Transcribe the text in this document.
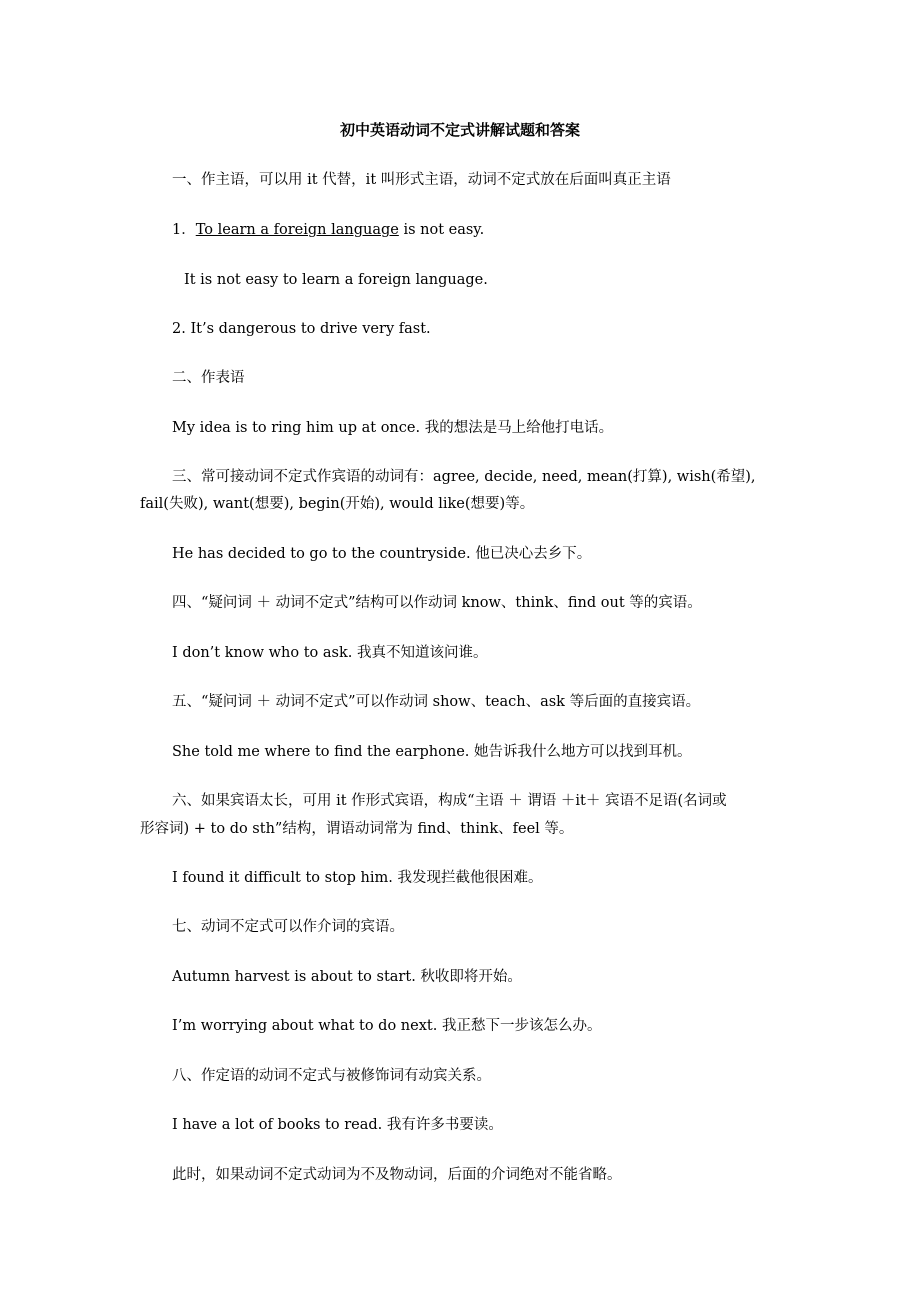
初中英语动词不定式讲解试题和答案
一、作主语，可以用 it 代替，it 叫形式主语，动词不定式放在后面叫真正主语
1．To learn a foreign language is not easy.
It is not easy to learn a foreign language.
2. It’s dangerous to drive very fast.
二、作表语
My idea is to ring him up at once. 我的想法是马上给他打电话。
三、常可接动词不定式作宾语的动词有：agree, decide, need, mean(打算), wish(希望),
fail(失败), want(想要), begin(开始), would like(想要)等。
He has decided to go to the countryside. 他已决心去乡下。
四、“疑问词 ＋ 动词不定式”结构可以作动词 know、think、find out 等的宾语。
I don’t know who to ask. 我真不知道该问谁。
五、“疑问词 ＋ 动词不定式”可以作动词 show、teach、ask 等后面的直接宾语。
She told me where to find the earphone. 她告诉我什么地方可以找到耳机。
六、如果宾语太长，可用 it 作形式宾语，构成“主语 ＋ 谓语 ＋it＋ 宾语不足语(名词或
形容词) + to do sth”结构，谓语动词常为 find、think、feel 等。
I found it difficult to stop him. 我发现拦截他很困难。
七、动词不定式可以作介词的宾语。
Autumn harvest is about to start. 秋收即将开始。
I’m worrying about what to do next. 我正愁下一步该怎么办。
八、作定语的动词不定式与被修饰词有动宾关系。
I have a lot of books to read. 我有许多书要读。
此时，如果动词不定式动词为不及物动词，后面的介词绝对不能省略。
